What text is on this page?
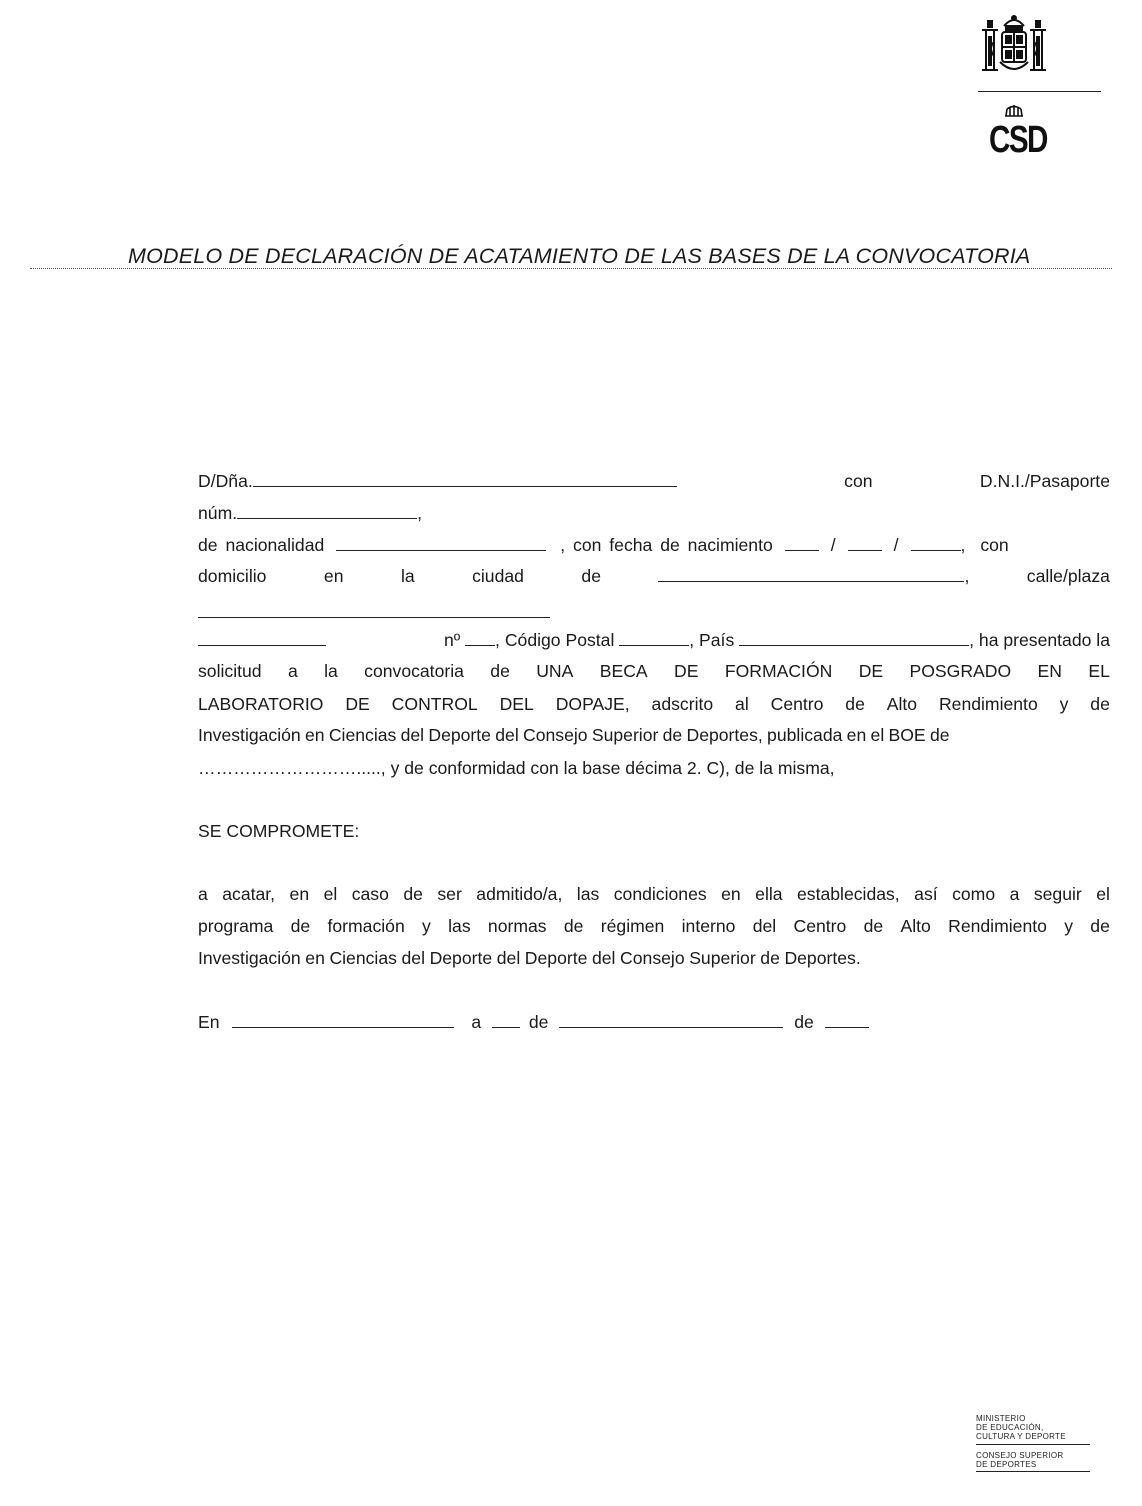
CSD
MODELO DE DECLARACIÓN DE ACATAMIENTO DE LAS BASES DE LA CONVOCATORIA
D/Dña.	con	D.N.I./Pasaporte
núm.	,
de nacionalidad	, con fecha de nacimiento	/	/	, con
domicilio	en	la	ciudad	de	,	calle/plaza
nº , Código Postal	, País	, ha presentado la
solicitud a la convocatoria de UNA BECA DE FORMACIÓN DE POSGRADO EN EL
LABORATORIO DE CONTROL DEL DOPAJE, adscrito al Centro de Alto Rendimiento y de
Investigación en Ciencias del Deporte del Consejo Superior de Deportes, publicada en el BOE de
………………………....., y de conformidad con la base décima 2. C), de la misma,
SE COMPROMETE:
a acatar, en el caso de ser admitido/a, las condiciones en ella establecidas, así como a seguir el
programa de formación y las normas de régimen interno del Centro de Alto Rendimiento y de
Investigación en Ciencias del Deporte del Deporte del Consejo Superior de Deportes.
En	a	de	de
MINISTERIO
DE EDUCACIÓN,
CULTURA Y DEPORTE
CONSEJO SUPERIOR
DE DEPORTES
